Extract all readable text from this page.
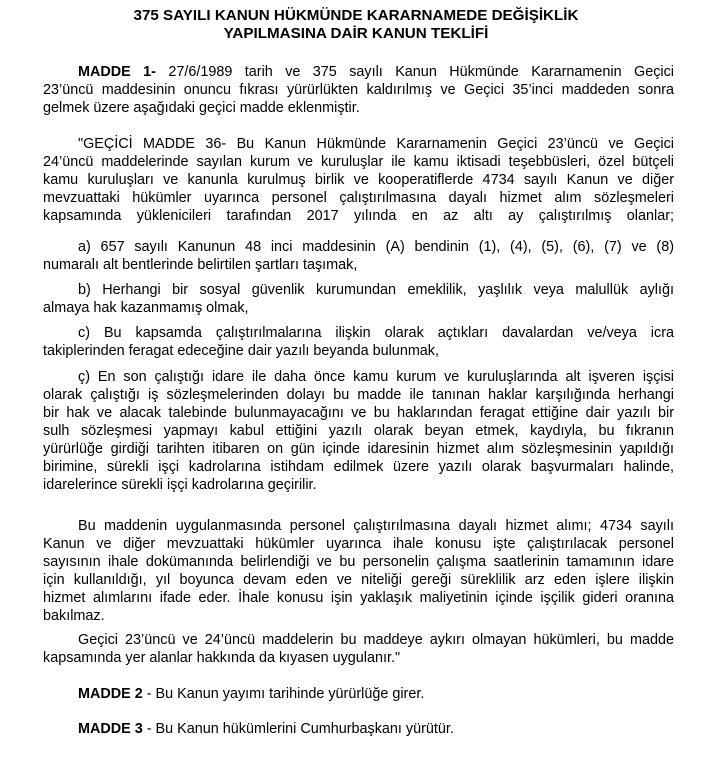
375 SAYILI KANUN HÜKMÜNDE KARARNAMEDE DEĞİŞİKLİK
YAPILMASINA DAİR KANUN TEKLİFİ
MADDE 1- 27/6/1989 tarih ve 375 sayılı Kanun Hükmünde Kararnamenin Geçici
23’üncü maddesinin onuncu fıkrası yürürlükten kaldırılmış ve Geçici 35’inci maddeden sonra
gelmek üzere aşağıdaki geçici madde eklenmiştir.
"GEÇİCİ MADDE 36- Bu Kanun Hükmünde Kararnamenin Geçici 23’üncü ve Geçici
24’üncü maddelerinde sayılan kurum ve kuruluşlar ile kamu iktisadi teşebbüsleri, özel bütçeli
kamu kuruluşları ve kanunla kurulmuş birlik ve kooperatiflerde 4734 sayılı Kanun ve diğer
mevzuattaki hükümler uyarınca personel çalıştırılmasına dayalı hizmet alım sözleşmeleri
kapsamında yüklenicileri tarafından 2017 yılında en az altı ay çalıştırılmış olanlar;
a) 657 sayılı Kanunun 48 inci maddesinin (A) bendinin (1), (4), (5), (6), (7) ve (8)
numaralı alt bentlerinde belirtilen şartları taşımak,
b) Herhangi bir sosyal güvenlik kurumundan emeklilik, yaşlılık veya malullük aylığı
almaya hak kazanmamış olmak,
c) Bu kapsamda çalıştırılmalarına ilişkin olarak açtıkları davalardan ve/veya icra
takiplerinden feragat edeceğine dair yazılı beyanda bulunmak,
ç) En son çalıştığı idare ile daha önce kamu kurum ve kuruluşlarında alt işveren işçisi
olarak çalıştığı iş sözleşmelerinden dolayı bu madde ile tanınan haklar karşılığında herhangi
bir hak ve alacak talebinde bulunmayacağını ve bu haklarından feragat ettiğine dair yazılı bir
sulh sözleşmesi yapmayı kabul ettiğini yazılı olarak beyan etmek, kaydıyla, bu fıkranın
yürürlüğe girdiği tarihten itibaren on gün içinde idaresinin hizmet alım sözleşmesinin yapıldığı
birimine, sürekli işçi kadrolarına istihdam edilmek üzere yazılı olarak başvurmaları halinde,
idarelerince sürekli işçi kadrolarına geçirilir.
Bu maddenin uygulanmasında personel çalıştırılmasına dayalı hizmet alımı; 4734 sayılı
Kanun ve diğer mevzuattaki hükümler uyarınca ihale konusu işte çalıştırılacak personel
sayısının ihale dokümanında belirlendiği ve bu personelin çalışma saatlerinin tamamının idare
için kullanıldığı, yıl boyunca devam eden ve niteliği gereği süreklilik arz eden işlere ilişkin
hizmet alımlarını ifade eder. İhale konusu işin yaklaşık maliyetinin içinde işçilik gideri oranına
bakılmaz.
Geçici 23’üncü ve 24’üncü maddelerin bu maddeye aykırı olmayan hükümleri, bu madde
kapsamında yer alanlar hakkında da kıyasen uygulanır."
MADDE 2 - Bu Kanun yayımı tarihinde yürürlüğe girer.
MADDE 3 - Bu Kanun hükümlerini Cumhurbaşkanı yürütür.
